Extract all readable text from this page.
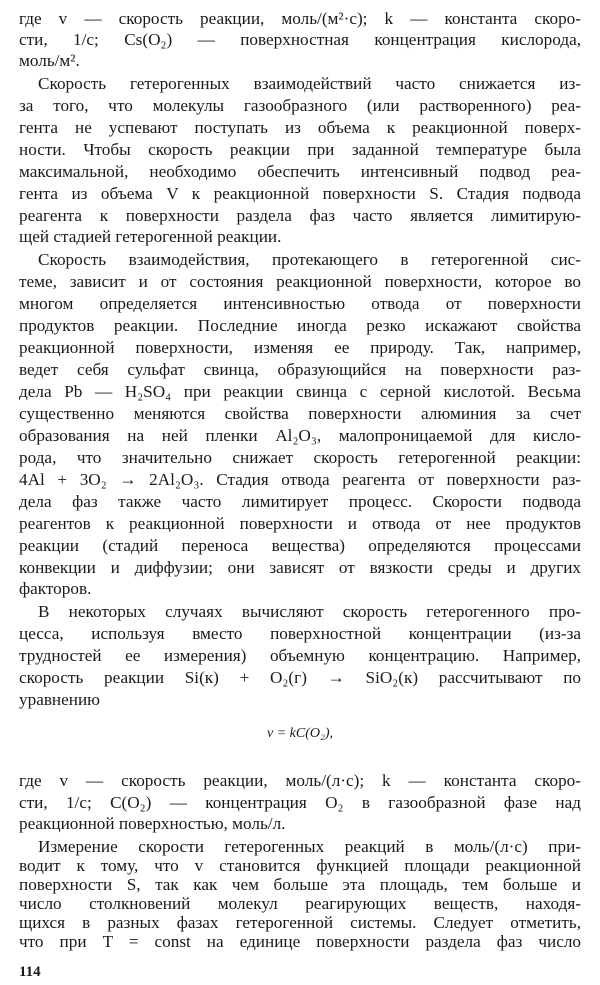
где v — скорость реакции, моль/(м²·с); k — константа скоро-
сти, 1/с; Cs(O₂) — поверхностная концентрация кислорода,
моль/м².
Скорость гетерогенных взаимодействий часто снижается из-
за того, что молекулы газообразного (или растворенного) реа-
гента не успевают поступать из объема к реакционной поверх-
ности. Чтобы скорость реакции при заданной температуре была
максимальной, необходимо обеспечить интенсивный подвод реа-
гента из объема V к реакционной поверхности S. Стадия подвода
реагента к поверхности раздела фаз часто является лимитирую-
щей стадией гетерогенной реакции.
Скорость взаимодействия, протекающего в гетерогенной сис-
теме, зависит и от состояния реакционной поверхности, которое во
многом определяется интенсивностью отвода от поверхности
продуктов реакции. Последние иногда резко искажают свойства
реакционной поверхности, изменяя ее природу. Так, например,
ведет себя сульфат свинца, образующийся на поверхности раз-
дела Pb — H₂SO₄ при реакции свинца с серной кислотой. Весьма
существенно меняются свойства поверхности алюминия за счет
образования на ней пленки Al₂O₃, малопроницаемой для кисло-
рода, что значительно снижает скорость гетерогенной реакции:
4Al + 3O₂ → 2Al₂O₃. Стадия отвода реагента от поверхности раз-
дела фаз также часто лимитирует процесс. Скорости подвода
реагентов к реакционной поверхности и отвода от нее продуктов
реакции (стадий переноса вещества) определяются процессами
конвекции и диффузии; они зависят от вязкости среды и других
факторов.
В некоторых случаях вычисляют скорость гетерогенного про-
цесса, используя вместо поверхностной концентрации (из-за
трудностей ее измерения) объемную концентрацию. Например,
скорость реакции Si(к) + O₂(г) → SiO₂(к) рассчитывают по
уравнению
v = kC(O₂),
где v — скорость реакции, моль/(л·с); k — константа скоро-
сти, 1/с; C(O₂) — концентрация O₂ в газообразной фазе над
реакционной поверхностью, моль/л.
Измерение скорости гетерогенных реакций в моль/(л·с) при-
водит к тому, что v становится функцией площади реакционной
поверхности S, так как чем больше эта площадь, тем больше и
число столкновений молекул реагирующих веществ, находя-
щихся в разных фазах гетерогенной системы. Следует отметить,
что при T = const на единице поверхности раздела фаз число
114
